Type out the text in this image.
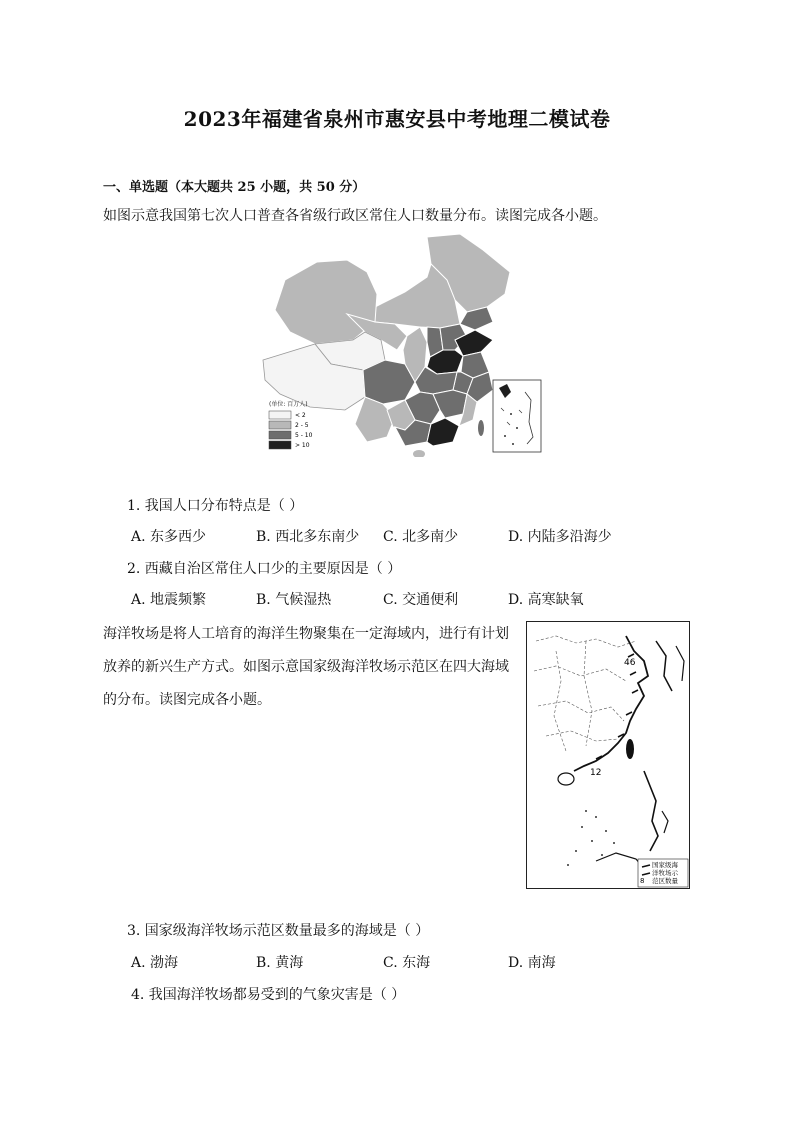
2023年福建省泉州市惠安县中考地理二模试卷
一、单选题（本大题共 25 小题，共 50 分）
如图示意我国第七次人口普查各省级行政区常住人口数量分布。读图完成各小题。
(单位: 百万人)
< 2
2 - 5
5 - 10
> 10
1. 我国人口分布特点是（ ）
A. 东多西少	B. 西北多东南少 C. 北多南少	D. 内陆多沿海少
2. 西藏自治区常住人口少的主要原因是（ ）
A. 地震频繁	B. 气候湿热	C. 交通便利	D. 高寒缺氧
海洋牧场是将人工培育的海洋生物聚集在一定海域内，进行有计划放养的新兴生产方式。如图示意国家级海洋牧场示范区在四大海域的分布。读图完成各小题。
46
12
8
国家级海
洋牧场示
范区数量
3. 国家级海洋牧场示范区数量最多的海域是（ ）
A. 渤海	B. 黄海	C. 东海	D. 南海
4. 我国海洋牧场都易受到的气象灾害是（ ）
